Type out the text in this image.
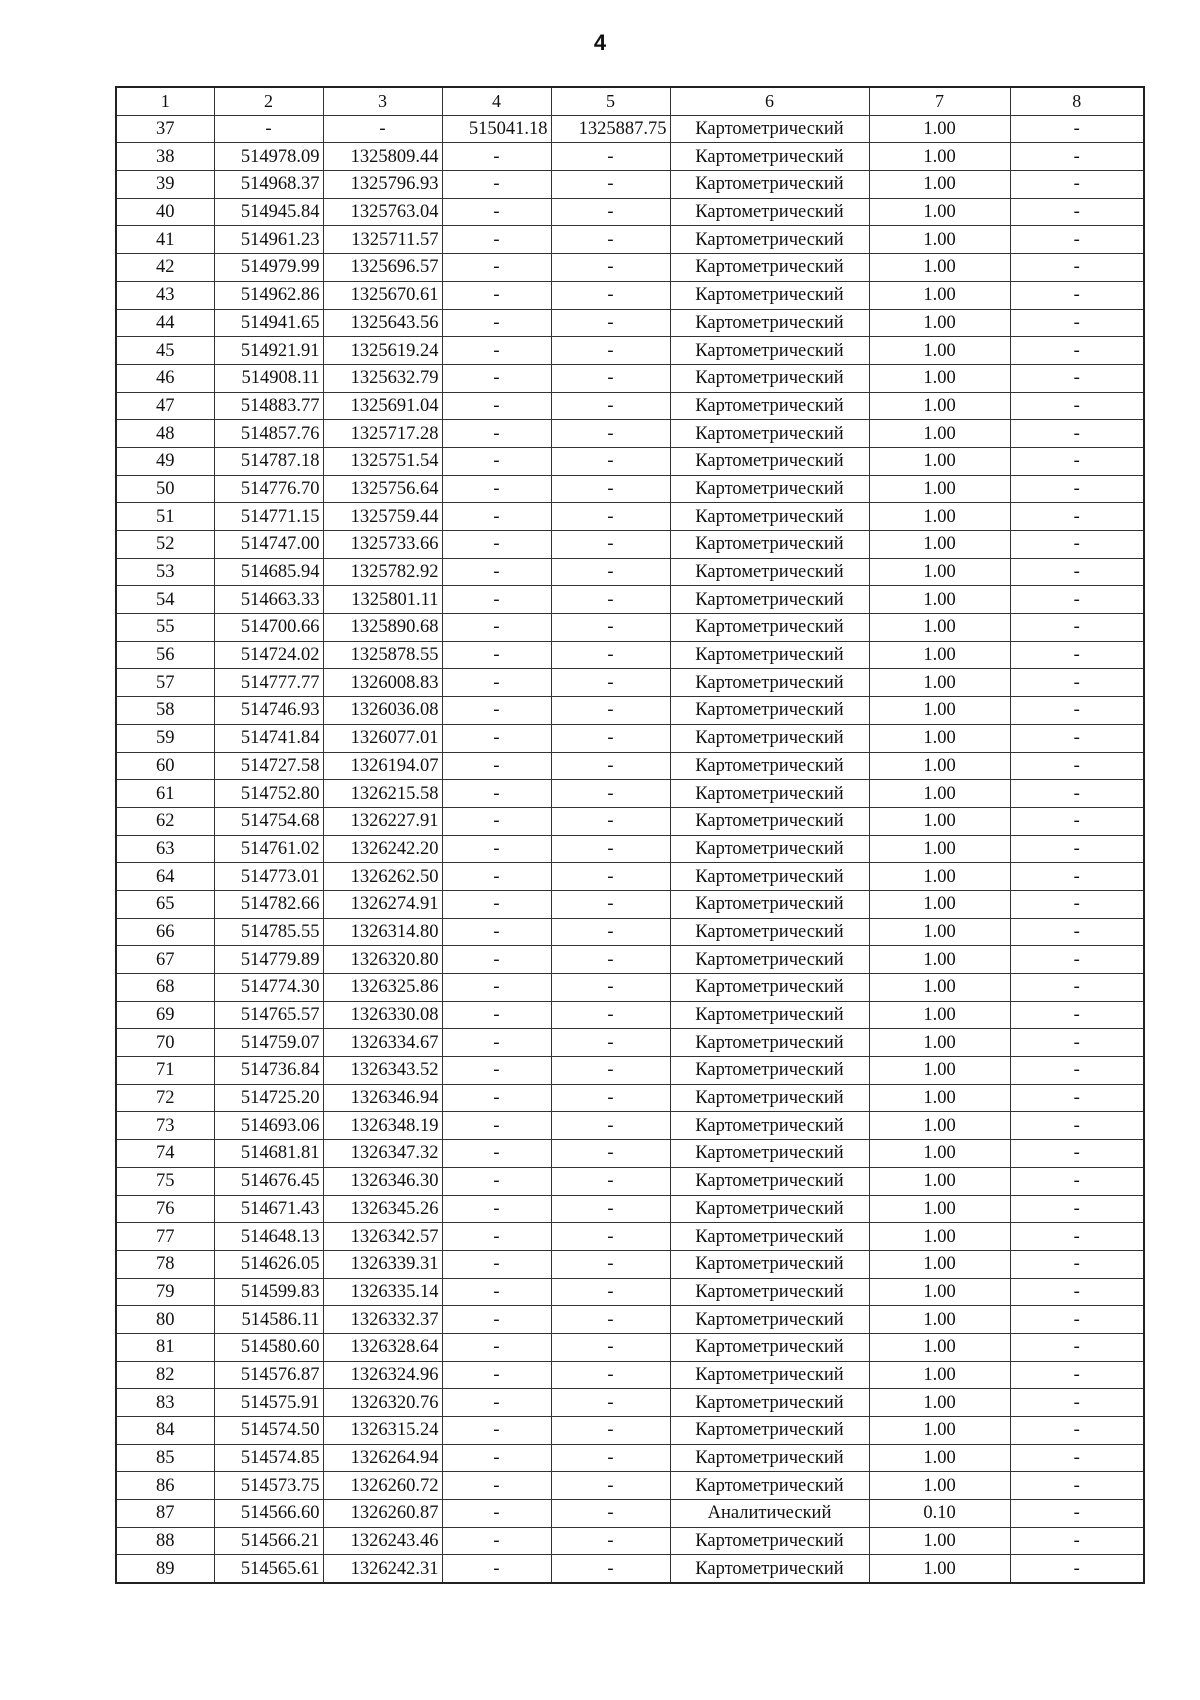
4
1	2	3	4	5	6	7	8
37	-	-	515041.18	1325887.75	Картометрический	1.00	-
38	514978.09	1325809.44	-	-	Картометрический	1.00	-
39	514968.37	1325796.93	-	-	Картометрический	1.00	-
40	514945.84	1325763.04	-	-	Картометрический	1.00	-
41	514961.23	1325711.57	-	-	Картометрический	1.00	-
42	514979.99	1325696.57	-	-	Картометрический	1.00	-
43	514962.86	1325670.61	-	-	Картометрический	1.00	-
44	514941.65	1325643.56	-	-	Картометрический	1.00	-
45	514921.91	1325619.24	-	-	Картометрический	1.00	-
46	514908.11	1325632.79	-	-	Картометрический	1.00	-
47	514883.77	1325691.04	-	-	Картометрический	1.00	-
48	514857.76	1325717.28	-	-	Картометрический	1.00	-
49	514787.18	1325751.54	-	-	Картометрический	1.00	-
50	514776.70	1325756.64	-	-	Картометрический	1.00	-
51	514771.15	1325759.44	-	-	Картометрический	1.00	-
52	514747.00	1325733.66	-	-	Картометрический	1.00	-
53	514685.94	1325782.92	-	-	Картометрический	1.00	-
54	514663.33	1325801.11	-	-	Картометрический	1.00	-
55	514700.66	1325890.68	-	-	Картометрический	1.00	-
56	514724.02	1325878.55	-	-	Картометрический	1.00	-
57	514777.77	1326008.83	-	-	Картометрический	1.00	-
58	514746.93	1326036.08	-	-	Картометрический	1.00	-
59	514741.84	1326077.01	-	-	Картометрический	1.00	-
60	514727.58	1326194.07	-	-	Картометрический	1.00	-
61	514752.80	1326215.58	-	-	Картометрический	1.00	-
62	514754.68	1326227.91	-	-	Картометрический	1.00	-
63	514761.02	1326242.20	-	-	Картометрический	1.00	-
64	514773.01	1326262.50	-	-	Картометрический	1.00	-
65	514782.66	1326274.91	-	-	Картометрический	1.00	-
66	514785.55	1326314.80	-	-	Картометрический	1.00	-
67	514779.89	1326320.80	-	-	Картометрический	1.00	-
68	514774.30	1326325.86	-	-	Картометрический	1.00	-
69	514765.57	1326330.08	-	-	Картометрический	1.00	-
70	514759.07	1326334.67	-	-	Картометрический	1.00	-
71	514736.84	1326343.52	-	-	Картометрический	1.00	-
72	514725.20	1326346.94	-	-	Картометрический	1.00	-
73	514693.06	1326348.19	-	-	Картометрический	1.00	-
74	514681.81	1326347.32	-	-	Картометрический	1.00	-
75	514676.45	1326346.30	-	-	Картометрический	1.00	-
76	514671.43	1326345.26	-	-	Картометрический	1.00	-
77	514648.13	1326342.57	-	-	Картометрический	1.00	-
78	514626.05	1326339.31	-	-	Картометрический	1.00	-
79	514599.83	1326335.14	-	-	Картометрический	1.00	-
80	514586.11	1326332.37	-	-	Картометрический	1.00	-
81	514580.60	1326328.64	-	-	Картометрический	1.00	-
82	514576.87	1326324.96	-	-	Картометрический	1.00	-
83	514575.91	1326320.76	-	-	Картометрический	1.00	-
84	514574.50	1326315.24	-	-	Картометрический	1.00	-
85	514574.85	1326264.94	-	-	Картометрический	1.00	-
86	514573.75	1326260.72	-	-	Картометрический	1.00	-
87	514566.60	1326260.87	-	-	Аналитический	0.10	-
88	514566.21	1326243.46	-	-	Картометрический	1.00	-
89	514565.61	1326242.31	-	-	Картометрический	1.00	-
